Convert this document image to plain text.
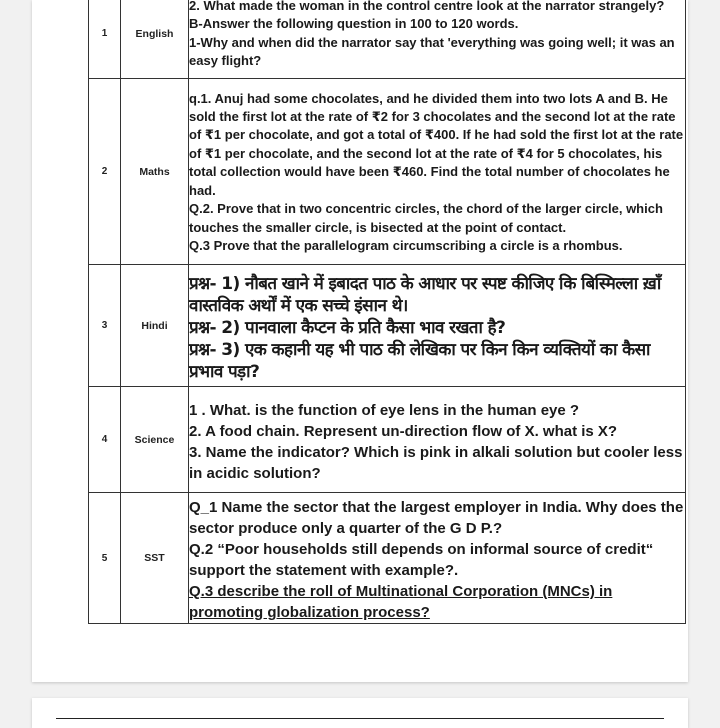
1	English	2. What made the woman in the control centre look at the narrator strangely?

B-Answer the following question in 100 to 120 words.

1-Why and when did the narrator say that 'everything was going well; it was an easy flight?

2	Maths	q.1. Anuj had some chocolates, and he divided them into two lots A and B. He sold the first lot at the rate of ₹2 for 3 chocolates and the second lot at the rate of ₹1 per chocolate, and got a total of ₹400. If he had sold the first lot at the rate of ₹1 per chocolate, and the second lot at the rate of ₹4 for 5 chocolates, his total collection would have been ₹460. Find the total number of chocolates he had.

Q.2. Prove that in two concentric circles, the chord of the larger circle, which touches the smaller circle, is bisected at the point of contact.

Q.3 Prove that the parallelogram circumscribing a circle is a rhombus.

3	Hindi	प्रश्न- 1) नौबत खाने में इबादत पाठ के आधार पर स्पष्ट कीजिए कि बिस्मिल्ला ख़ाँ वास्तविक अर्थों में एक सच्चे इंसान थे।

प्रश्न- 2) पानवाला कैप्टन के प्रति कैसा भाव रखता है?

प्रश्न- 3) एक कहानी यह भी पाठ की लेखिका पर किन किन व्यक्तियों का कैसा प्रभाव पड़ा?

4	Science	1 . What. is the function of eye lens in the human eye ?

2. A food chain. Represent un-direction flow of X. what is X?

3. Name the indicator? Which is pink in alkali solution but cooler less in acidic solution?

5	SST	Q_1 Name the sector that the largest employer in India. Why does the sector produce only a quarter of the G D P.?

Q.2 “Poor households still depends on informal source of credit“ support the statement with example?.

Q.3 describe the roll of Multinational Corporation (MNCs) in promoting globalization process?
